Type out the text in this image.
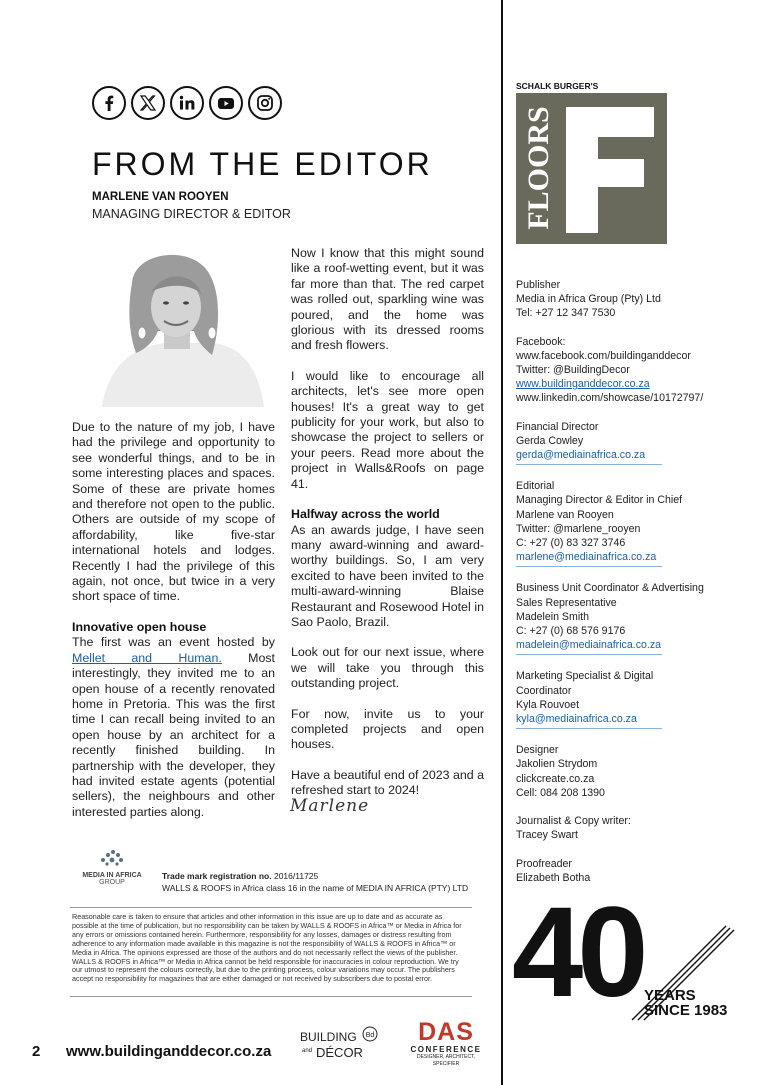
FROM THE EDITOR
MARLENE VAN ROOYEN
MANAGING DIRECTOR & EDITOR

Due to the nature of my job, I have had the privilege and opportunity to see wonderful things, and to be in some interesting places and spaces. Some of these are private homes and therefore not open to the public. Others are outside of my scope of affordability, like five-star international hotels and lodges. Recently I had the privilege of this again, not once, but twice in a very short space of time.

Innovative open house

The first was an event hosted by Mellet and Human. Most interestingly, they invited me to an open house of a recently renovated home in Pretoria. This was the first time I can recall being invited to an open house by an architect for a recently finished building. In partnership with the developer, they had invited estate agents (potential sellers), the neighbours and other interested parties along.

Now I know that this might sound like a roof-wetting event, but it was far more than that. The red carpet was rolled out, sparkling wine was poured, and the home was glorious with its dressed rooms and fresh flowers.

I would like to encourage all architects, let's see more open houses! It's a great way to get publicity for your work, but also to showcase the project to sellers or your peers. Read more about the project in Walls&Roofs on page 41.

Halfway across the world

As an awards judge, I have seen many award-winning and award-worthy buildings. So, I am very excited to have been invited to the multi-award-winning Blaise Restaurant and Rosewood Hotel in Sao Paolo, Brazil.

Look out for our next issue, where we will take you through this outstanding project.

For now, invite us to your completed projects and open houses.

Have a beautiful end of 2023 and a refreshed start to 2024!

Marlene
MEDIA IN AFRICA
GROUP
Trade mark registration no. 2016/11725
WALLS & ROOFS in Africa class 16 in the name of MEDIA IN AFRICA (PTY) LTD
Reasonable care is taken to ensure that articles and other information in this issue are up to date and as accurate as possible at the time of publication, but no responsibility can be taken by WALLS & ROOFS in Africa™ or Media in Africa for any errors or omissions contained herein. Furthermore, responsibility for any losses, damages or distress resulting from adherence to any information made available in this magazine is not the responsibility of WALLS & ROOFS in Africa™ or Media in Africa. The opinions expressed are those of the authors and do not necessarily reflect the views of the publisher. WALLS & ROOFS in Africa™ or Media in Africa cannot be held responsible for inaccuracies in colour reproduction. We try our utmost to represent the colours correctly, but due to the printing process, colour variations may occur. The publishers accept no responsibility for magazines that are either damaged or not received by subscribers due to postal error.
2 www.buildinganddecor.co.za
Bd
BUILDING
and DÉCOR
DAS
CONFERENCE
DESIGNER, ARCHITECT, SPECIFIER
SCHALK BURGER'S
FLOORS
Publisher
Media in Africa Group (Pty) Ltd
Tel: +27 12 347 7530
Facebook:
www.facebook.com/buildinganddecor
Twitter: @BuildingDecor
www.buildinganddecor.co.za
www.linkedin.com/showcase/10172797/
Financial Director
Gerda Cowley
gerda@mediainafrica.co.za
Editorial
Managing Director & Editor in Chief
Marlene van Rooyen
Twitter: @marlene_rooyen
C: +27 (0) 83 327 3746
marlene@mediainafrica.co.za
Business Unit Coordinator & Advertising
Sales Representative
Madelein Smith
C: +27 (0) 68 576 9176
madelein@mediainafrica.co.za
Marketing Specialist & Digital
Coordinator
Kyla Rouvoet
kyla@mediainafrica.co.za
Designer
Jakolien Strydom
clickcreate.co.za
Cell: 084 208 1390
Journalist & Copy writer:
Tracey Swart
Proofreader
Elizabeth Botha
40 YEARS
SINCE 1983
